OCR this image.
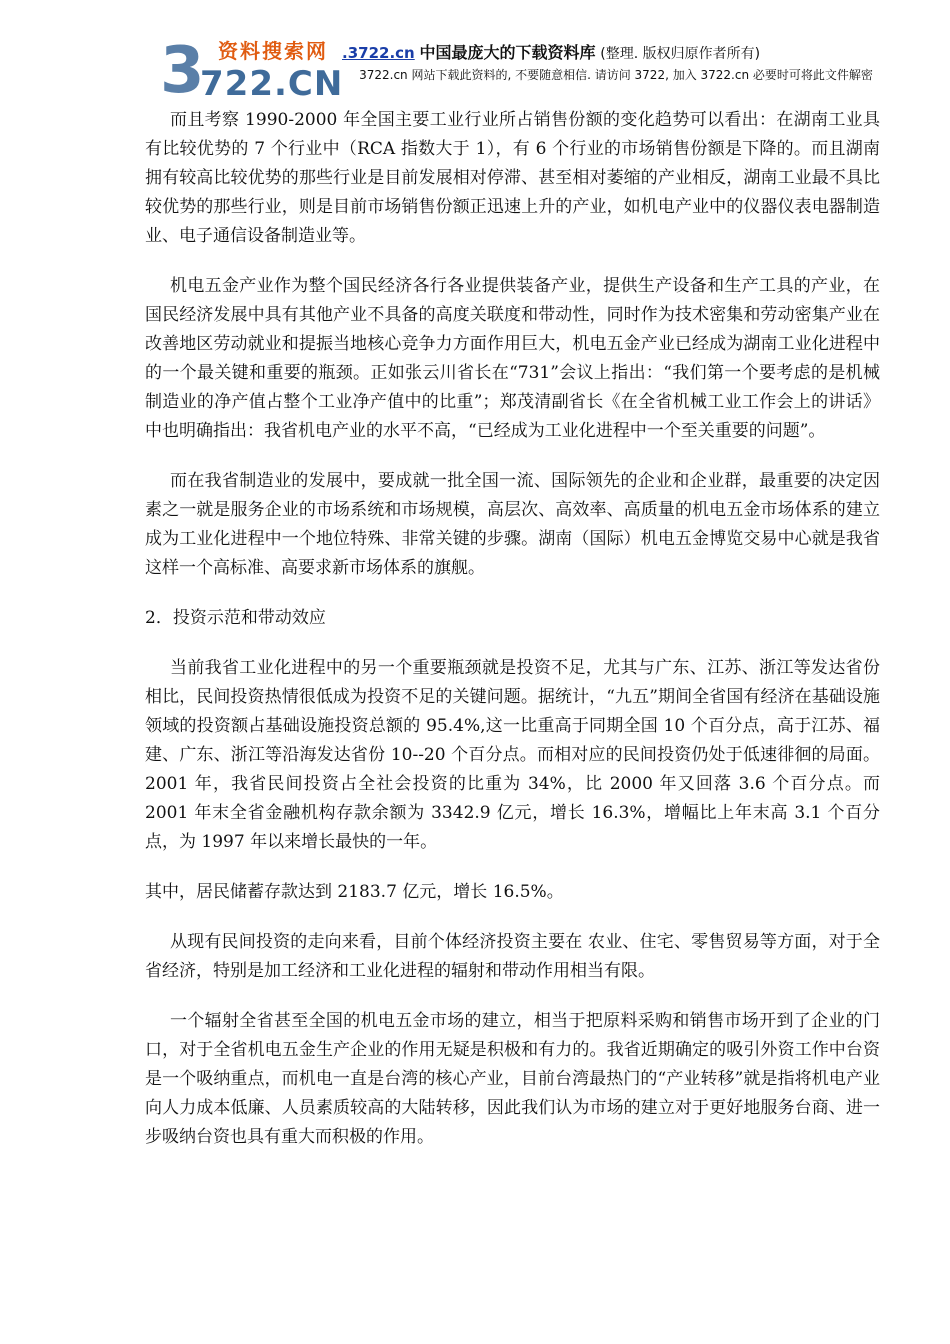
3 资料搜索网
722.CN
.3722.cn 中国最庞大的下载资料库 (整理. 版权归原作者所有)
3722.cn 网站下载此资料的, 不要随意相信. 请访问 3722, 加入 3722.cn 必要时可将此文件解密

而且考察 1990-2000 年全国主要工业行业所占销售份额的变化趋势可以看出：在湖南工业具有比较优势的 7 个行业中（RCA 指数大于 1），有 6 个行业的市场销售份额是下降的。而且湖南拥有较高比较优势的那些行业是目前发展相对停滞、甚至相对萎缩的产业相反，湖南工业最不具比较优势的那些行业，则是目前市场销售份额正迅速上升的产业，如机电产业中的仪器仪表电器制造业、电子通信设备制造业等。

机电五金产业作为整个国民经济各行各业提供装备产业，提供生产设备和生产工具的产业，在国民经济发展中具有其他产业不具备的高度关联度和带动性，同时作为技术密集和劳动密集产业在改善地区劳动就业和提振当地核心竞争力方面作用巨大，机电五金产业已经成为湖南工业化进程中的一个最关键和重要的瓶颈。正如张云川省长在“731”会议上指出：“我们第一个要考虑的是机械制造业的净产值占整个工业净产值中的比重”；郑茂清副省长《在全省机械工业工作会上的讲话》中也明确指出：我省机电产业的水平不高，“已经成为工业化进程中一个至关重要的问题”。

而在我省制造业的发展中，要成就一批全国一流、国际领先的企业和企业群，最重要的决定因素之一就是服务企业的市场系统和市场规模，高层次、高效率、高质量的机电五金市场体系的建立成为工业化进程中一个地位特殊、非常关键的步骤。湖南（国际）机电五金博览交易中心就是我省这样一个高标准、高要求新市场体系的旗舰。

2．投资示范和带动效应

当前我省工业化进程中的另一个重要瓶颈就是投资不足，尤其与广东、江苏、浙江等发达省份相比，民间投资热情很低成为投资不足的关键问题。据统计，“九五”期间全省国有经济在基础设施领域的投资额占基础设施投资总额的 95.4%,这一比重高于同期全国 10 个百分点，高于江苏、福建、广东、浙江等沿海发达省份 10--20 个百分点。而相对应的民间投资仍处于低速徘徊的局面。2001 年，我省民间投资占全社会投资的比重为 34%，比 2000 年又回落 3.6 个百分点。而 2001 年末全省金融机构存款余额为 3342.9 亿元，增长 16.3%，增幅比上年末高 3.1 个百分点，为 1997 年以来增长最快的一年。

其中，居民储蓄存款达到 2183.7 亿元，增长 16.5%。

从现有民间投资的走向来看，目前个体经济投资主要在 农业、住宅、零售贸易等方面，对于全省经济，特别是加工经济和工业化进程的辐射和带动作用相当有限。

一个辐射全省甚至全国的机电五金市场的建立，相当于把原料采购和销售市场开到了企业的门口，对于全省机电五金生产企业的作用无疑是积极和有力的。我省近期确定的吸引外资工作中台资是一个吸纳重点，而机电一直是台湾的核心产业，目前台湾最热门的“产业转移”就是指将机电产业向人力成本低廉、人员素质较高的大陆转移，因此我们认为市场的建立对于更好地服务台商、进一步吸纳台资也具有重大而积极的作用。
